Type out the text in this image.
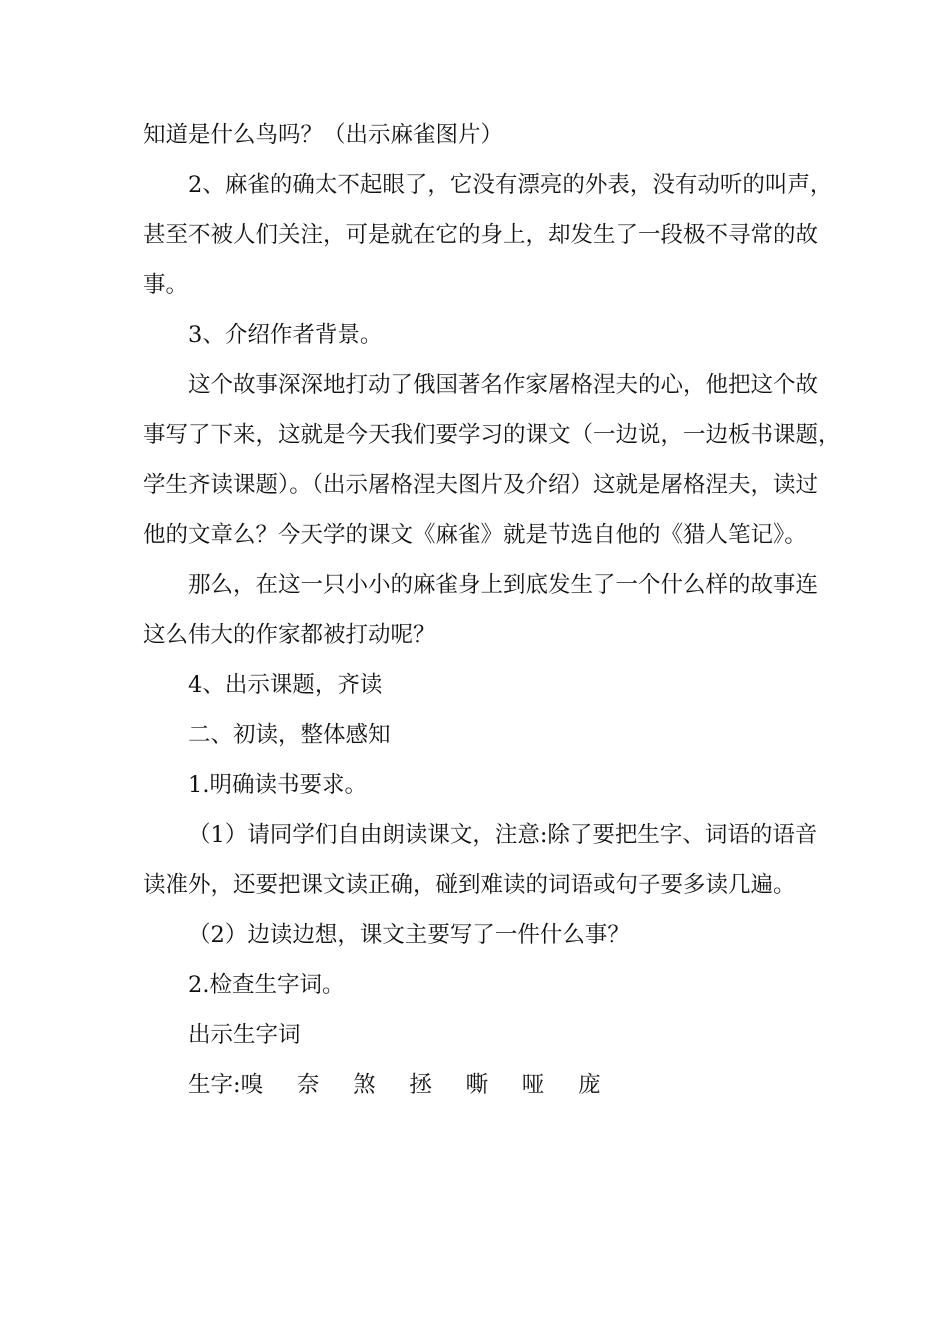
知道是什么鸟吗？（出示麻雀图片）
2、麻雀的确太不起眼了，它没有漂亮的外表，没有动听的叫声，
甚至不被人们关注，可是就在它的身上，却发生了一段极不寻常的故
事。
3、介绍作者背景。
这个故事深深地打动了俄国著名作家屠格涅夫的心，他把这个故
事写了下来，这就是今天我们要学习的课文（一边说，一边板书课题，
学生齐读课题）。（出示屠格涅夫图片及介绍）这就是屠格涅夫，读过
他的文章么？今天学的课文《麻雀》就是节选自他的《猎人笔记》。
那么，在这一只小小的麻雀身上到底发生了一个什么样的故事连
这么伟大的作家都被打动呢？
4、出示课题，齐读
二、初读，整体感知
1.明确读书要求。
（1）请同学们自由朗读课文，注意:除了要把生字、词语的语音
读准外，还要把课文读正确，碰到难读的词语或句子要多读几遍。
（2）边读边想，课文主要写了一件什么事？
2.检查生字词。
出示生字词
生字:嗅　 奈　 煞　 拯　 嘶　 哑　 庞
